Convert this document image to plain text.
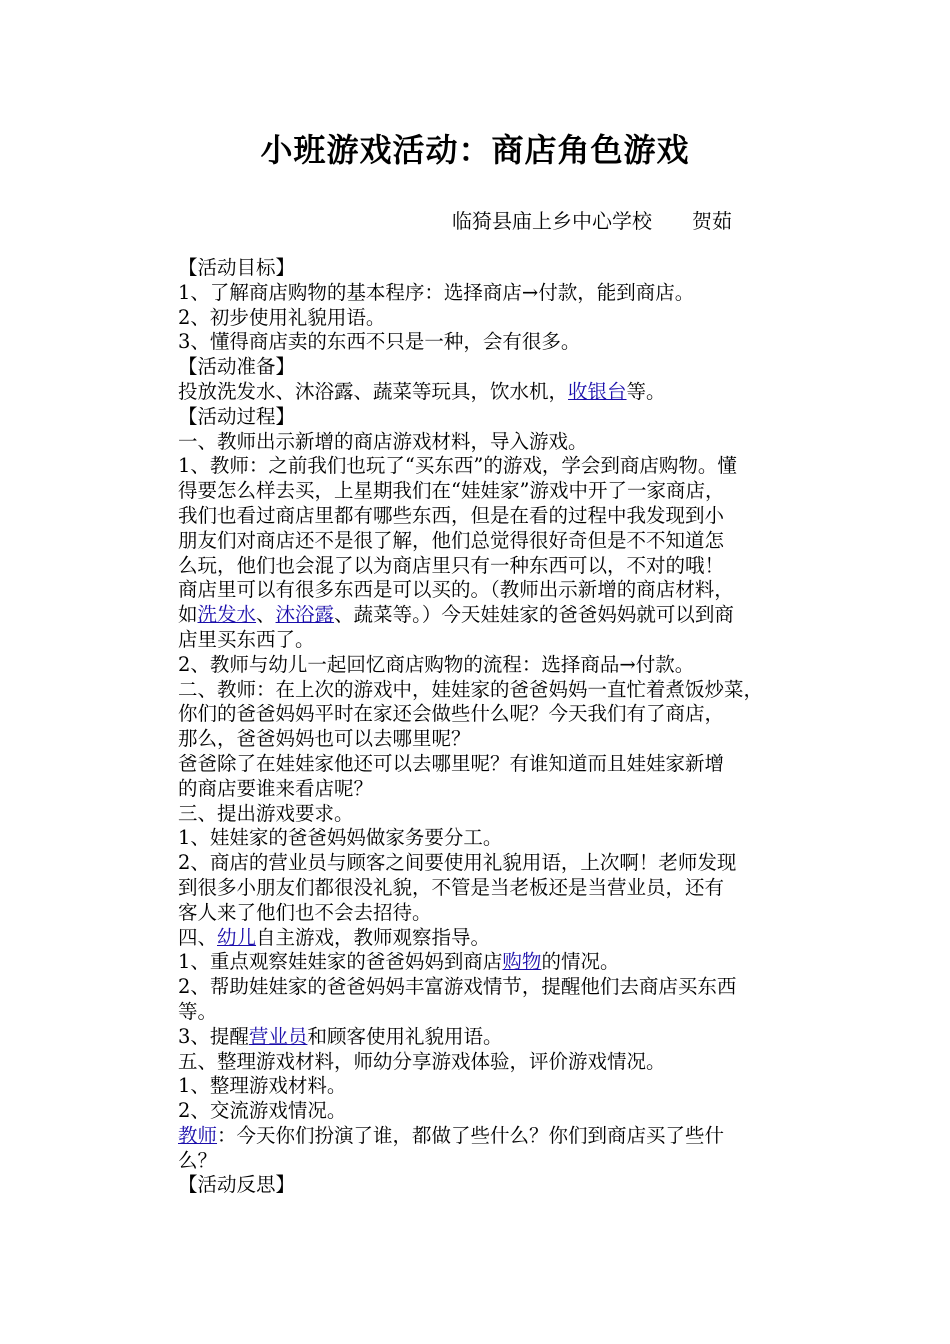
小班游戏活动：商店角色游戏
临猗县庙上乡中心学校　　贺茹

【活动目标】

1、了解商店购物的基本程序：选择商店→付款，能到商店。

2、初步使用礼貌用语。

3、懂得商店卖的东西不只是一种，会有很多。

【活动准备】

投放洗发水、沐浴露、蔬菜等玩具，饮水机，收银台等。

【活动过程】

一、教师出示新增的商店游戏材料，导入游戏。

1、教师：之前我们也玩了“买东西”的游戏，学会到商店购物。懂

得要怎么样去买，上星期我们在“娃娃家”游戏中开了一家商店，

我们也看过商店里都有哪些东西，但是在看的过程中我发现到小

朋友们对商店还不是很了解，他们总觉得很好奇但是不不知道怎

么玩，他们也会混了以为商店里只有一种东西可以，不对的哦！

商店里可以有很多东西是可以买的。（教师出示新增的商店材料，

如洗发水、沐浴露、蔬菜等。）今天娃娃家的爸爸妈妈就可以到商

店里买东西了。

2、教师与幼儿一起回忆商店购物的流程：选择商品→付款。

二、教师：在上次的游戏中，娃娃家的爸爸妈妈一直忙着煮饭炒菜，

你们的爸爸妈妈平时在家还会做些什么呢？今天我们有了商店，

那么，爸爸妈妈也可以去哪里呢？

爸爸除了在娃娃家他还可以去哪里呢？有谁知道而且娃娃家新增

的商店要谁来看店呢？

三、提出游戏要求。

1、娃娃家的爸爸妈妈做家务要分工。

2、商店的营业员与顾客之间要使用礼貌用语，上次啊！老师发现

到很多小朋友们都很没礼貌，不管是当老板还是当营业员，还有

客人来了他们也不会去招待。

四、幼儿自主游戏，教师观察指导。

1、重点观察娃娃家的爸爸妈妈到商店购物的情况。

2、帮助娃娃家的爸爸妈妈丰富游戏情节，提醒他们去商店买东西

等。

3、提醒营业员和顾客使用礼貌用语。

五、整理游戏材料，师幼分享游戏体验，评价游戏情况。

1、整理游戏材料。

2、交流游戏情况。

教师：今天你们扮演了谁，都做了些什么？你们到商店买了些什

么？

【活动反思】
